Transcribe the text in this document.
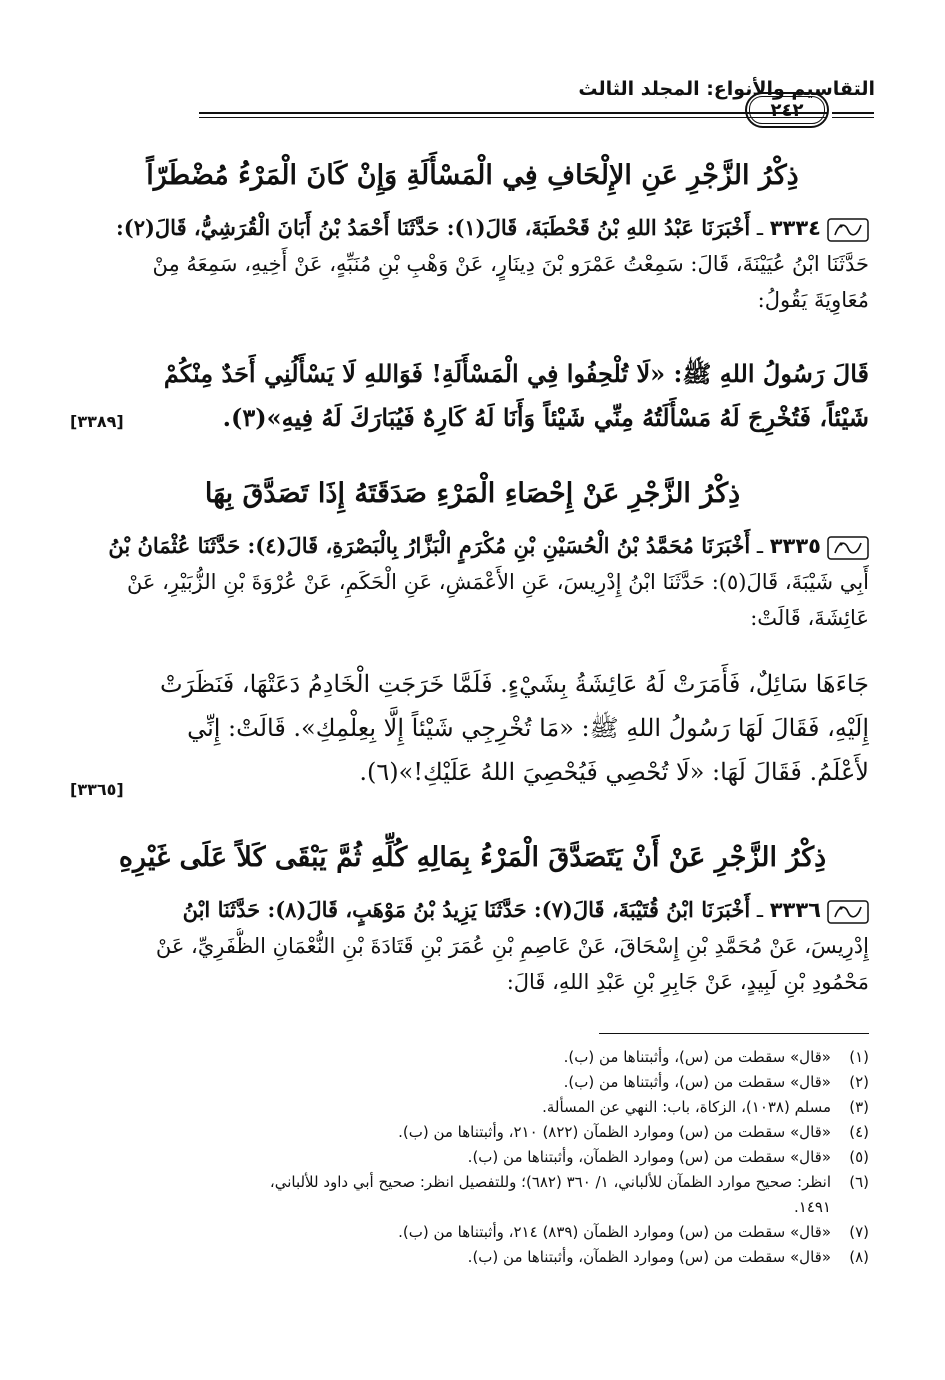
التقاسيم والأنواع: المجلد الثالث
٢٤٢
ذِكْرُ الزَّجْرِ عَنِ الإِلْحَافِ فِي الْمَسْأَلَةِ وَإِنْ كَانَ الْمَرْءُ مُضْطَرّاً
٣٣٣٤ ـ أَخْبَرَنَا عَبْدُ اللهِ بْنُ قَحْطَبَةَ، قَالَ(١): حَدَّثَنَا أَحْمَدُ بْنُ أَبَانَ الْقُرَشِيُّ، قَالَ(٢):
حَدَّثَنَا ابْنُ عُيَيْنَةَ، قَالَ: سَمِعْتُ عَمْرَو بْنَ دِينَارٍ، عَنْ وَهْبِ بْنِ مُنَبِّهٍ، عَنْ أَخِيهِ، سَمِعَهُ مِنْ
مُعَاوِيَةَ يَقُولُ:
قَالَ رَسُولُ اللهِ ﷺ: «لَا تُلْحِفُوا فِي الْمَسْأَلَةِ! فَوَاللهِ لَا يَسْأَلُنِي أَحَدٌ مِنْكُمْ
شَيْئاً، فَتُخْرِجَ لَهُ مَسْأَلَتُهُ مِنِّي شَيْئاً وَأَنَا لَهُ كَارِهٌ فَيُبَارَكَ لَهُ فِيهِ»(٣).
[٣٣٨٩]
ذِكْرُ الزَّجْرِ عَنْ إِحْصَاءِ الْمَرْءِ صَدَقَتَهُ إِذَا تَصَدَّقَ بِهَا
٣٣٣٥ ـ أَخْبَرَنَا مُحَمَّدُ بْنُ الْحُسَيْنِ بْنِ مُكْرَمٍ الْبَزَّارُ بِالْبَصْرَةِ، قَالَ(٤): حَدَّثَنَا عُثْمَانُ بْنُ
أَبِي شَيْبَةَ، قَالَ(٥): حَدَّثَنَا ابْنُ إِدْرِيسَ، عَنِ الأَعْمَشِ، عَنِ الْحَكَمِ، عَنْ عُرْوَةَ بْنِ الزُّبَيْرِ، عَنْ
عَائِشَةَ، قَالَتْ:
جَاءَهَا سَائِلٌ، فَأَمَرَتْ لَهُ عَائِشَةُ بِشَيْءٍ. فَلَمَّا خَرَجَتِ الْخَادِمُ دَعَتْهَا، فَنَظَرَتْ
إِلَيْهِ، فَقَالَ لَهَا رَسُولُ اللهِ ﷺ: «مَا تُخْرِجِي شَيْئاً إِلَّا بِعِلْمِكِ». قَالَتْ: إِنِّي
لأَعْلَمُ. فَقَالَ لَهَا: «لَا تُحْصِي فَيُحْصِيَ اللهُ عَلَيْكِ!»(٦).
[٣٣٦٥]
ذِكْرُ الزَّجْرِ عَنْ أَنْ يَتَصَدَّقَ الْمَرْءُ بِمَالِهِ كُلِّهِ ثُمَّ يَبْقَى كَلاً عَلَى غَيْرِهِ
٣٣٣٦ ـ أَخْبَرَنَا ابْنُ قُتَيْبَةَ، قَالَ(٧): حَدَّثَنَا يَزِيدُ بْنُ مَوْهَبٍ، قَالَ(٨): حَدَّثَنَا ابْنُ
إِدْرِيسَ، عَنْ مُحَمَّدِ بْنِ إِسْحَاقَ، عَنْ عَاصِمِ بْنِ عُمَرَ بْنِ قَتَادَةَ بْنِ النُّعْمَانِ الظُّفَرِيِّ، عَنْ
مَحْمُودِ بْنِ لَبِيدٍ، عَنْ جَابِرِ بْنِ عَبْدِ اللهِ، قَالَ:
(١)
«قال» سقطت من (س)، وأثبتناها من (ب).
(٢)
«قال» سقطت من (س)، وأثبتناها من (ب).
(٣)
مسلم (١٠٣٨)، الزكاة، باب: النهي عن المسألة.
(٤)
«قال» سقطت من (س) وموارد الظمآن (٨٢٢) ٢١٠، وأثبتناها من (ب).
(٥)
«قال» سقطت من (س) وموارد الظمآن، وأثبتناها من (ب).
(٦)
انظر: صحيح موارد الظمآن للألباني، ١/ ٣٦٠ (٦٨٢)؛ وللتفصيل انظر: صحيح أبي داود للألباني،
١٤٩١.
(٧)
«قال» سقطت من (س) وموارد الظمآن (٨٣٩) ٢١٤، وأثبتناها من (ب).
(٨)
«قال» سقطت من (س) وموارد الظمآن، وأثبتناها من (ب).
